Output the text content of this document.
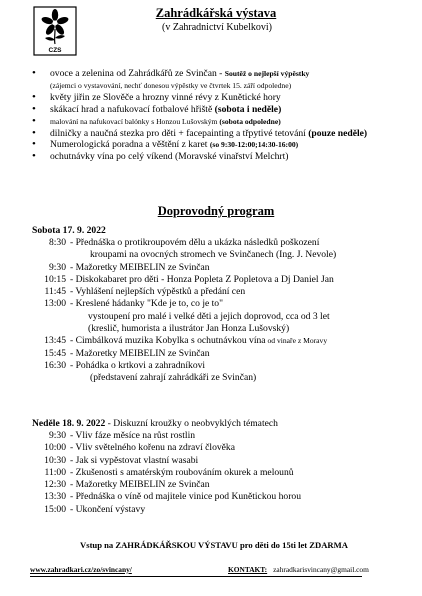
CZS
Zahrádkářská výstava
(v Zahradnictví Kubelkovi)
• ovoce a zelenina od Zahrádkářů ze Svinčan - Soutěž o nejlepší výpěstky
(zájemci o vystavování, nechť donesou výpěstky ve čtvrtek 15. září odpoledne)
• květy jiřin ze Slověče a hrozny vinné révy z Kunětické hory
• skákací hrad a nafukovací fotbalové hřiště (sobota i neděle)
• malování na nafukovací balónky s Honzou Lušovským (sobota odpoledne)
• dilničky a naučná stezka pro děti + facepainting a třpytivé tetování (pouze neděle)
• Numerologická poradna a věštění z karet (so 9:30-12:00;14:30-16:00)
• ochutnávky vína po celý víkend (Moravské vinařství Melchrt)
Doprovodný program
Sobota 17. 9. 2022
8:30 - Přednáška o protikroupovém dělu a ukázka následků poškození
kroupami na ovocných stromech ve Svinčanech (Ing. J. Nevole)
9:30 - Mažoretky MEIBELIN ze Svinčan
10:15 - Diskokabaret pro děti - Honza Popleta Z Popletova a Dj Daniel Jan
11:45 - Vyhlášení nejlepších výpěstků a předání cen
13:00 - Kreslené hádanky "Kde je to, co je to"
vystoupení pro malé i velké děti a jejich doprovod, cca od 3 let
(kreslič, humorista a ilustrátor Jan Honza Lušovský)
13:45 - Cimbálková muzika Kobylka s ochutnávkou vína od vinaře z Moravy
15:45 - Mažoretky MEIBELIN ze Svinčan
16:30 - Pohádka o krtkovi a zahradníkovi
(představení zahrají zahrádkáři ze Svinčan)
Neděle 18. 9. 2022 - Diskuzní kroužky o neobvyklých tématech
9:30 - Vliv fáze měsíce na růst rostlin
10:00 - Vliv světelného kořenu na zdraví člověka
10:30 - Jak si vypěstovat vlastní wasabi
11:00 - Zkušenosti s amatérským roubováním okurek a melounů
12:30 - Mažoretky MEIBELIN ze Svinčan
13:30 - Přednáška o víně od majitele vinice pod Kunětickou horou
15:00 - Ukončení výstavy
Vstup na ZAHRÁDKÁŘSKOU VÝSTAVU pro děti do 15ti let ZDARMA
www.zahradkari.cz/zo/svincany/	KONTAKT: zahradkarisvincany@gmail.com
